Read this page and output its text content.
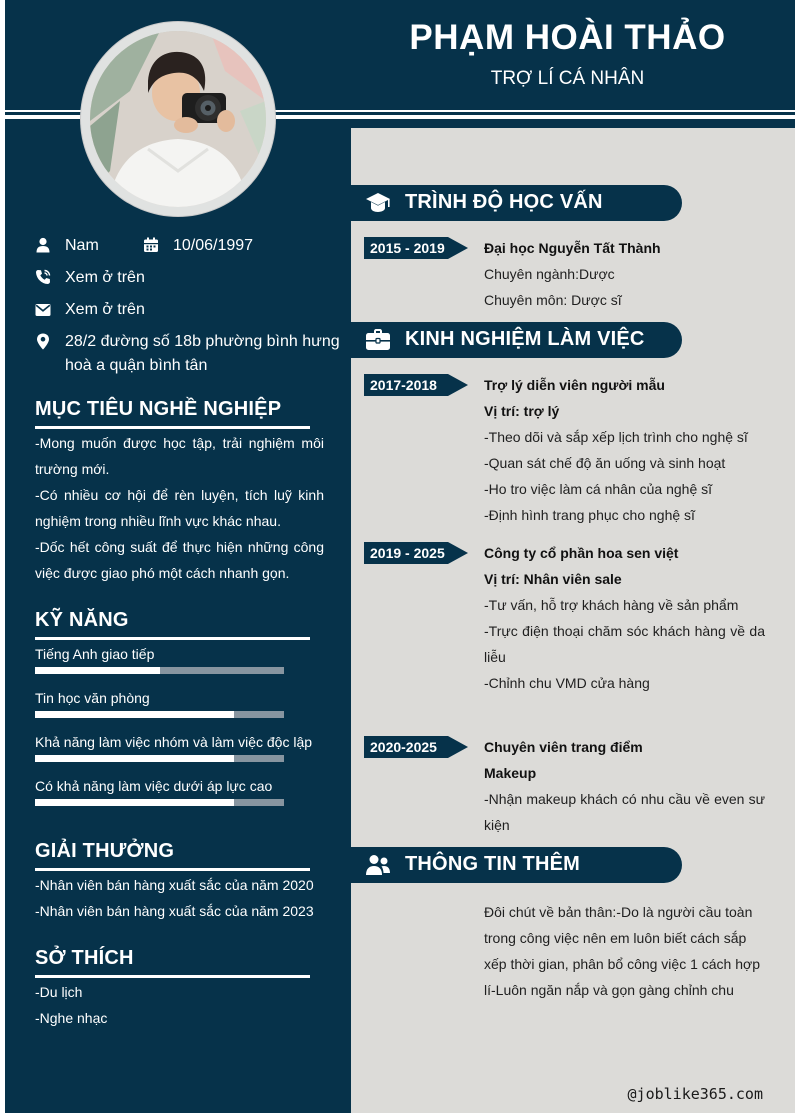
PHẠM HOÀI THẢO
TRỢ LÍ CÁ NHÂN
Nam	10/06/1997
Xem ở trên
Xem ở trên
28/2 đường số 18b phường bình hưng hoà a quận bình tân
MỤC TIÊU NGHỀ NGHIỆP
-Mong muốn được học tập, trải nghiệm môi trường mới.
-Có nhiều cơ hội để rèn luyện, tích luỹ kinh nghiệm trong nhiều lĩnh vực khác nhau.
-Dốc hết công suất để thực hiện những công việc được giao phó một cách nhanh gọn.
KỸ NĂNG
Tiếng Anh giao tiếp
Tin học văn phòng
Khả năng làm việc nhóm và làm việc độc lập
Có khả năng làm việc dưới áp lực cao
GIẢI THƯỞNG
-Nhân viên bán hàng xuất sắc của năm 2020
-Nhân viên bán hàng xuất sắc của năm 2023
SỞ THÍCH
-Du lịch
-Nghe nhạc
TRÌNH ĐỘ HỌC VẤN
2015 - 2019	Đại học Nguyễn Tất Thành
Chuyên ngành:Dược
Chuyên môn: Dược sĩ
KINH NGHIỆM LÀM VIỆC
2017-2018	Trợ lý diễn viên người mẫu
Vị trí: trợ lý
-Theo dõi và sắp xếp lịch trình cho nghệ sĩ
-Quan sát chế độ ăn uống và sinh hoạt
-Ho tro việc làm cá nhân của nghệ sĩ
-Định hình trang phục cho nghệ sĩ
2019 - 2025	Công ty cổ phần hoa sen việt
Vị trí: Nhân viên sale
-Tư vấn, hỗ trợ khách hàng về sản phẩm
-Trực điện thoại chăm sóc khách hàng về da liễu
-Chỉnh chu VMD cửa hàng
2020-2025	Chuyên viên trang điểm
Makeup
-Nhận makeup khách có nhu cầu về even sư kiện
THÔNG TIN THÊM
Đôi chút về bản thân:-Do là người cầu toàn trong công việc nên em luôn biết cách sắp xếp thời gian, phân bổ công việc 1 cách hợp lí-Luôn ngăn nắp và gọn gàng chỉnh chu
@joblike365.com
